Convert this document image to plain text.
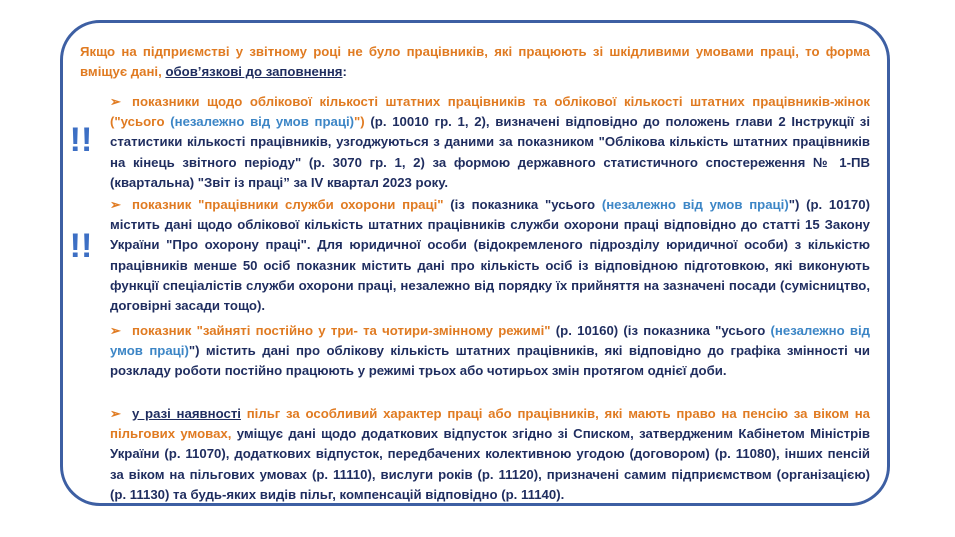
Якщо на підприємстві у звітному році не було працівників, які працюють зі шкідливими умовами праці, то форма вміщує дані, обов’язкові до заповнення:
!!
!!
➢ показники щодо облікової кількості штатних працівників та облікової кількості штатних працівників-жінок ("усього (незалежно від умов праці)") (р. 10010 гр. 1, 2), визначені відповідно до положень глави 2 Інструкції зі статистики кількості працівників, узгоджуються з даними за показником "Облікова кількість штатних працівників на кінець звітного періоду" (р. 3070 гр. 1, 2) за формою державного статистичного спостереження № 1-ПВ (квартальна) "Звіт із праці” за IV квартал 2023 року.
➢ показник "працівники служби охорони праці" (із показника "усього (незалежно від умов праці)") (р. 10170) містить дані щодо облікової кількість штатних працівників служби охорони праці відповідно до статті 15 Закону України "Про охорону праці". Для юридичної особи (відокремленого підрозділу юридичної особи) з кількістю працівників менше 50 осіб показник містить дані про кількість осіб із відповідною підготовкою, які виконують функції спеціалістів служби охорони праці, незалежно від порядку їх прийняття на зазначені посади (сумісництво, договірні засади тощо).
➢ показник "зайняті постійно у три- та чотири-змінному режимі" (р. 10160) (із показника "усього (незалежно від умов праці)") містить дані про облікову кількість штатних працівників, які відповідно до графіка змінності чи розкладу роботи постійно працюють у режимі трьох або чотирьох змін протягом однієї доби.
➢ у разі наявності пільг за особливий характер праці або працівників, які мають право на пенсію за віком на пільгових умовах, уміщує дані щодо додаткових відпусток згідно зі Списком, затвердженим Кабінетом Міністрів України (р. 11070), додаткових відпусток, передбачених колективною угодою (договором) (р. 11080), інших пенсій за віком на пільгових умовах (р. 11110), вислуги років (р. 11120), призначені самим підприємством (організацією) (р. 11130) та будь-яких видів пільг, компенсацій відповідно (р. 11140).
